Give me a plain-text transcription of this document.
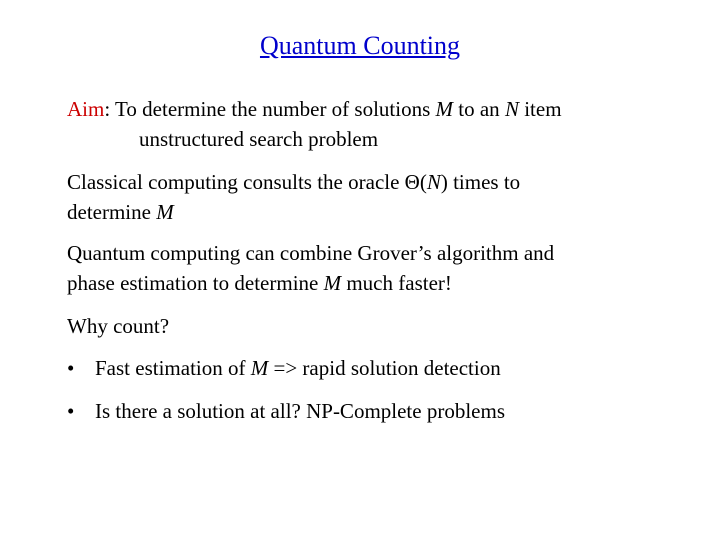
Quantum Counting
Aim: To determine the number of solutions M to an N item
unstructured search problem
Classical computing consults the oracle Θ(N) times to
determine M
Quantum computing can combine Grover’s algorithm and
phase estimation to determine M much faster!
Why count?
• Fast estimation of M => rapid solution detection
• Is there a solution at all? NP-Complete problems
